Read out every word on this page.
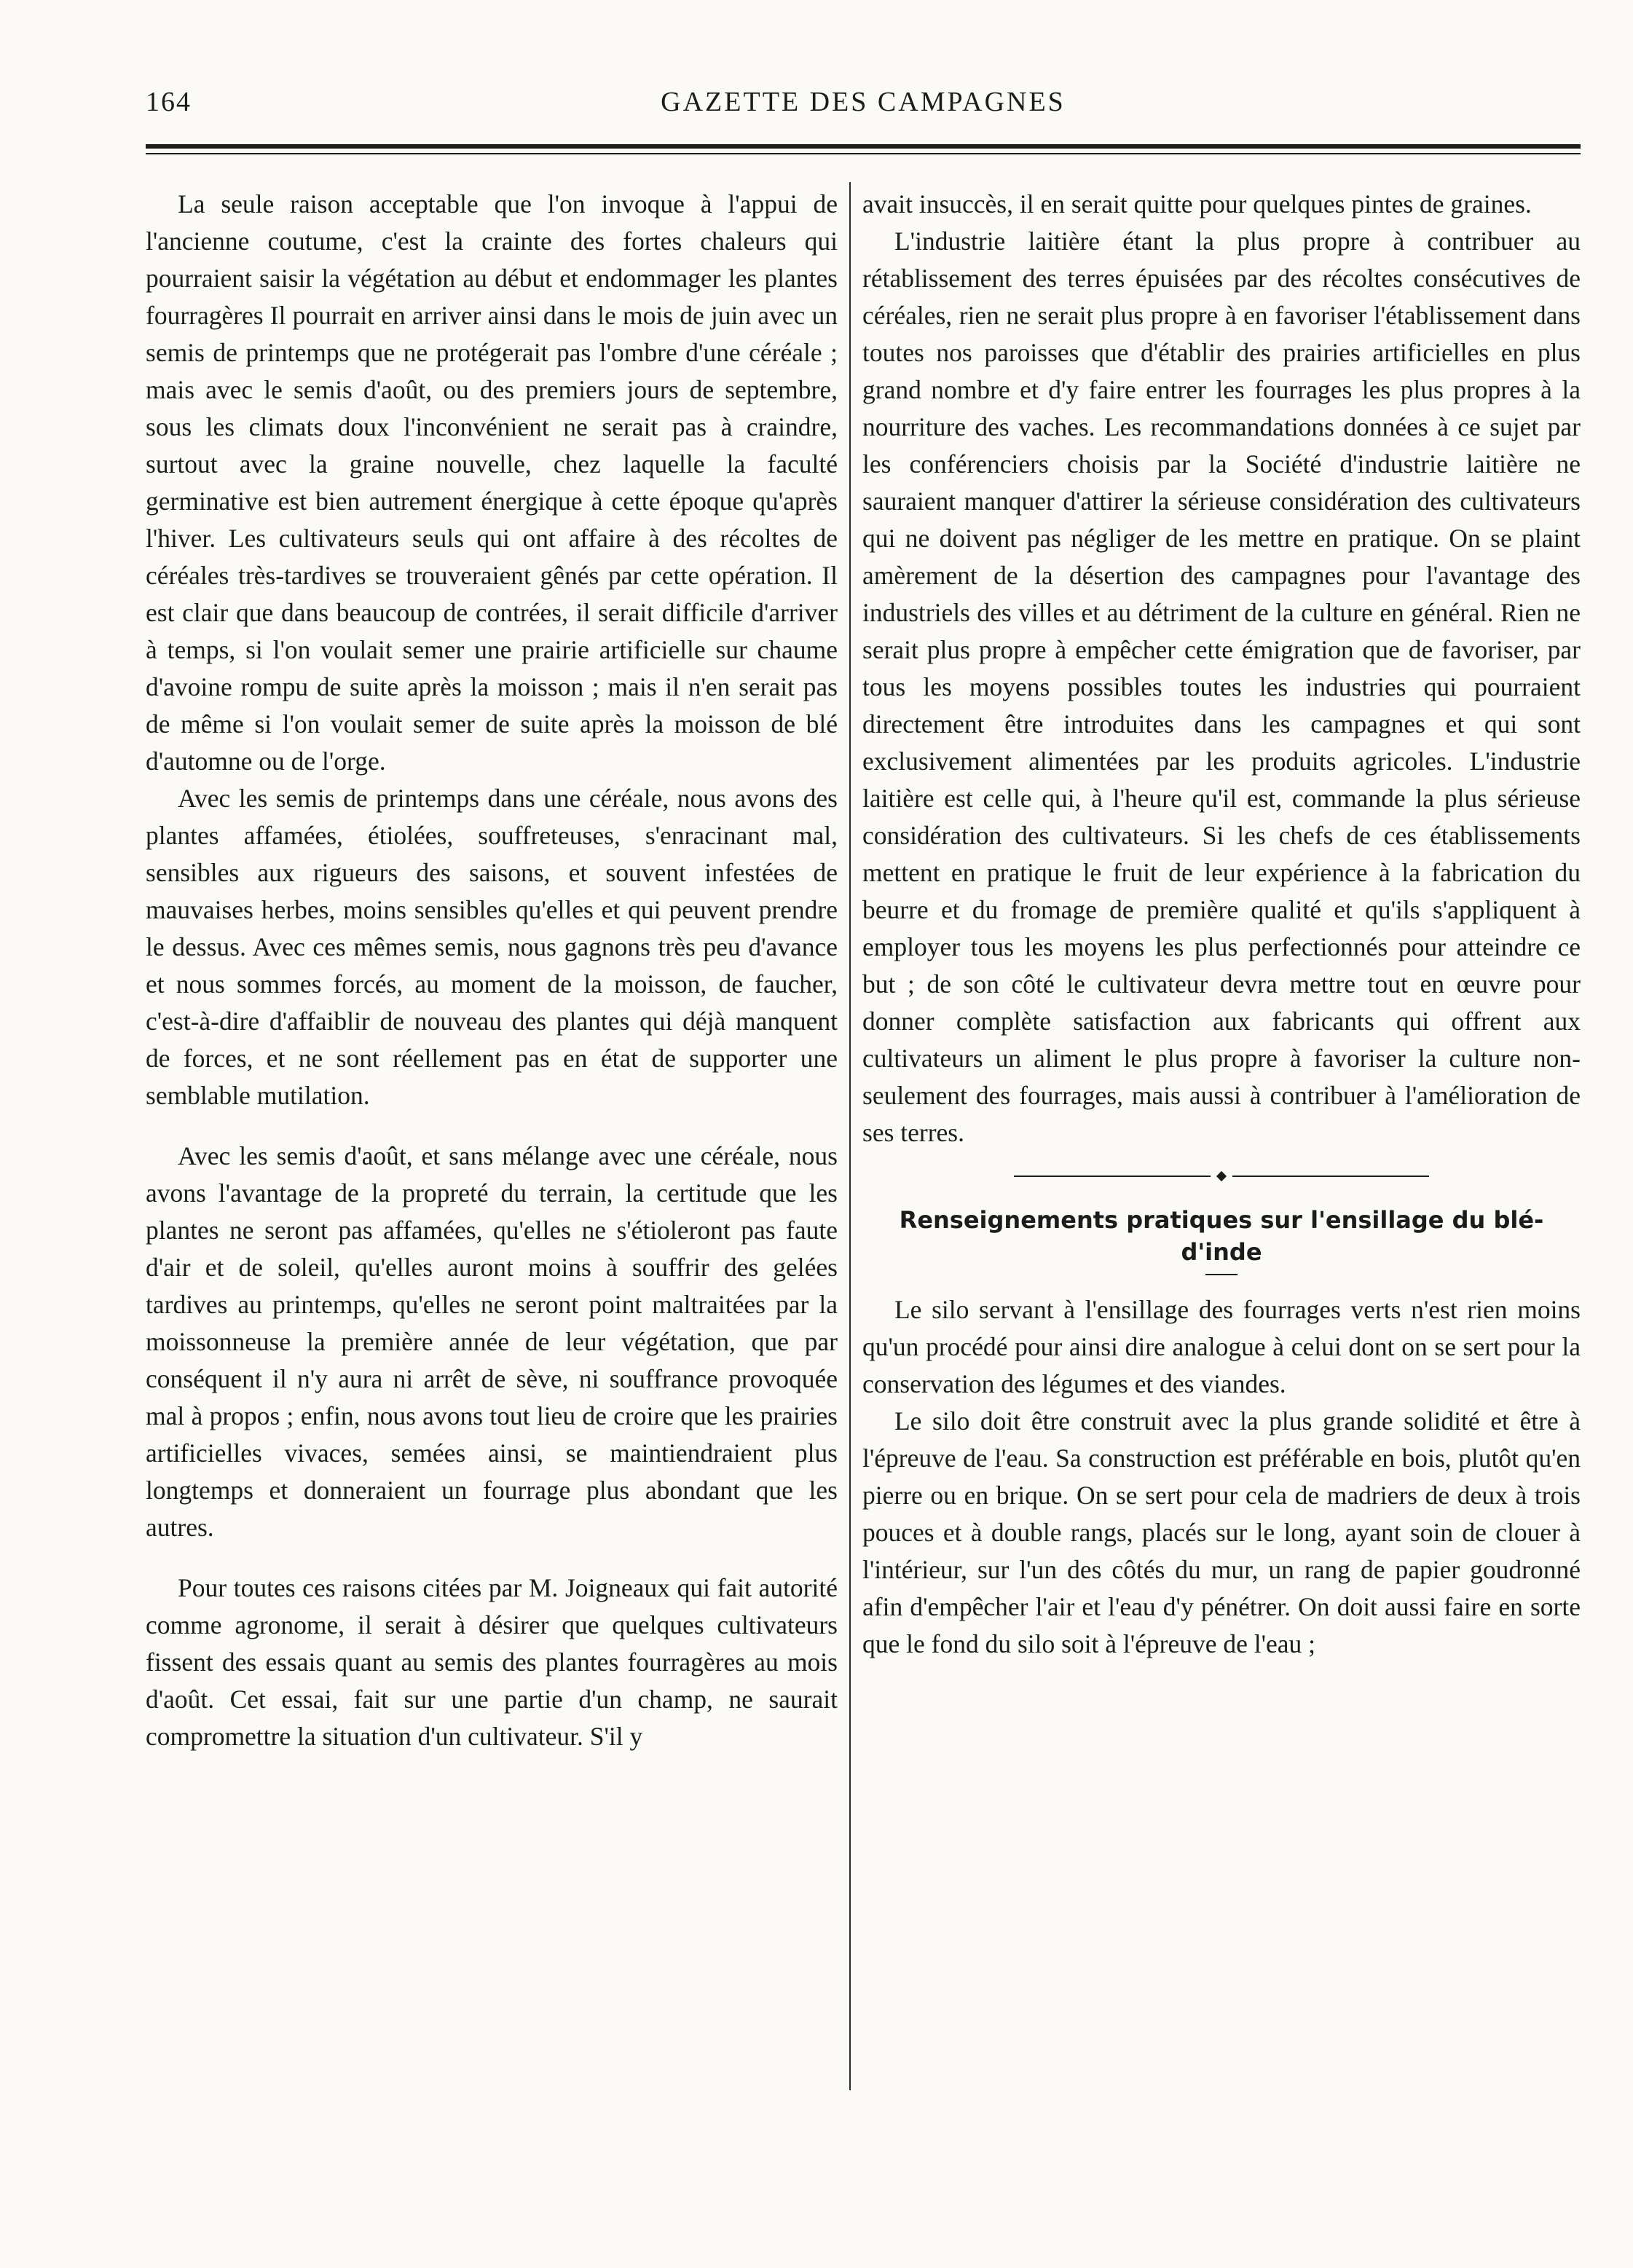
164	GAZETTE DES CAMPAGNES

La seule raison acceptable que l'on invoque à l'appui de l'ancienne coutume, c'est la crainte des fortes chaleurs qui pourraient saisir la végétation au début et endommager les plantes fourragères Il pourrait en arriver ainsi dans le mois de juin avec un semis de printemps que ne protégerait pas l'ombre d'une céréale ; mais avec le semis d'août, ou des premiers jours de septembre, sous les climats doux l'inconvénient ne serait pas à craindre, surtout avec la graine nouvelle, chez laquelle la faculté germinative est bien autrement énergique à cette époque qu'après l'hiver. Les cultivateurs seuls qui ont affaire à des récoltes de céréales très-tardives se trouveraient gênés par cette opération. Il est clair que dans beaucoup de contrées, il serait difficile d'arriver à temps, si l'on voulait semer une prairie artificielle sur chaume d'avoine rompu de suite après la moisson ; mais il n'en serait pas de même si l'on voulait semer de suite après la moisson de blé d'automne ou de l'orge.

Avec les semis de printemps dans une céréale, nous avons des plantes affamées, étiolées, souffreteuses, s'enracinant mal, sensibles aux rigueurs des saisons, et souvent infestées de mauvaises herbes, moins sensibles qu'elles et qui peuvent prendre le dessus. Avec ces mêmes semis, nous gagnons très peu d'avance et nous sommes forcés, au moment de la moisson, de faucher, c'est-à-dire d'affaiblir de nouveau des plantes qui déjà manquent de forces, et ne sont réellement pas en état de supporter une semblable mutilation.

Avec les semis d'août, et sans mélange avec une céréale, nous avons l'avantage de la propreté du terrain, la certitude que les plantes ne seront pas affamées, qu'elles ne s'étioleront pas faute d'air et de soleil, qu'elles auront moins à souffrir des gelées tardives au printemps, qu'elles ne seront point maltraitées par la moissonneuse la première année de leur végétation, que par conséquent il n'y aura ni arrêt de sève, ni souffrance provoquée mal à propos ; enfin, nous avons tout lieu de croire que les prairies artificielles vivaces, semées ainsi, se maintiendraient plus longtemps et donneraient un fourrage plus abondant que les autres.

Pour toutes ces raisons citées par M. Joigneaux qui fait autorité comme agronome, il serait à désirer que quelques cultivateurs fissent des essais quant au semis des plantes fourragères au mois d'août. Cet essai, fait sur une partie d'un champ, ne saurait compromettre la situation d'un cultivateur. S'il y

avait insuccès, il en serait quitte pour quelques pintes de graines.

L'industrie laitière étant la plus propre à contribuer au rétablissement des terres épuisées par des récoltes consécutives de céréales, rien ne serait plus propre à en favoriser l'établissement dans toutes nos paroisses que d'établir des prairies artificielles en plus grand nombre et d'y faire entrer les fourrages les plus propres à la nourriture des vaches. Les recommandations données à ce sujet par les conférenciers choisis par la Société d'industrie laitière ne sauraient manquer d'attirer la sérieuse considération des cultivateurs qui ne doivent pas négliger de les mettre en pratique. On se plaint amèrement de la désertion des campagnes pour l'avantage des industriels des villes et au détriment de la culture en général. Rien ne serait plus propre à empêcher cette émigration que de favoriser, par tous les moyens possibles toutes les industries qui pourraient directement être introduites dans les campagnes et qui sont exclusivement alimentées par les produits agricoles. L'industrie laitière est celle qui, à l'heure qu'il est, commande la plus sérieuse considération des cultivateurs. Si les chefs de ces établissements mettent en pratique le fruit de leur expérience à la fabrication du beurre et du fromage de première qualité et qu'ils s'appliquent à employer tous les moyens les plus perfectionnés pour atteindre ce but ; de son côté le cultivateur devra mettre tout en œuvre pour donner complète satisfaction aux fabricants qui offrent aux cultivateurs un aliment le plus propre à favoriser la culture non-seulement des fourrages, mais aussi à contribuer à l'amélioration de ses terres.

Renseignements pratiques sur l'ensillage du blé-d'inde

Le silo servant à l'ensillage des fourrages verts n'est rien moins qu'un procédé pour ainsi dire analogue à celui dont on se sert pour la conservation des légumes et des viandes.

Le silo doit être construit avec la plus grande solidité et être à l'épreuve de l'eau. Sa construction est préférable en bois, plutôt qu'en pierre ou en brique. On se sert pour cela de madriers de deux à trois pouces et à double rangs, placés sur le long, ayant soin de clouer à l'intérieur, sur l'un des côtés du mur, un rang de papier goudronné afin d'empêcher l'air et l'eau d'y pénétrer. On doit aussi faire en sorte que le fond du silo soit à l'épreuve de l'eau ;
